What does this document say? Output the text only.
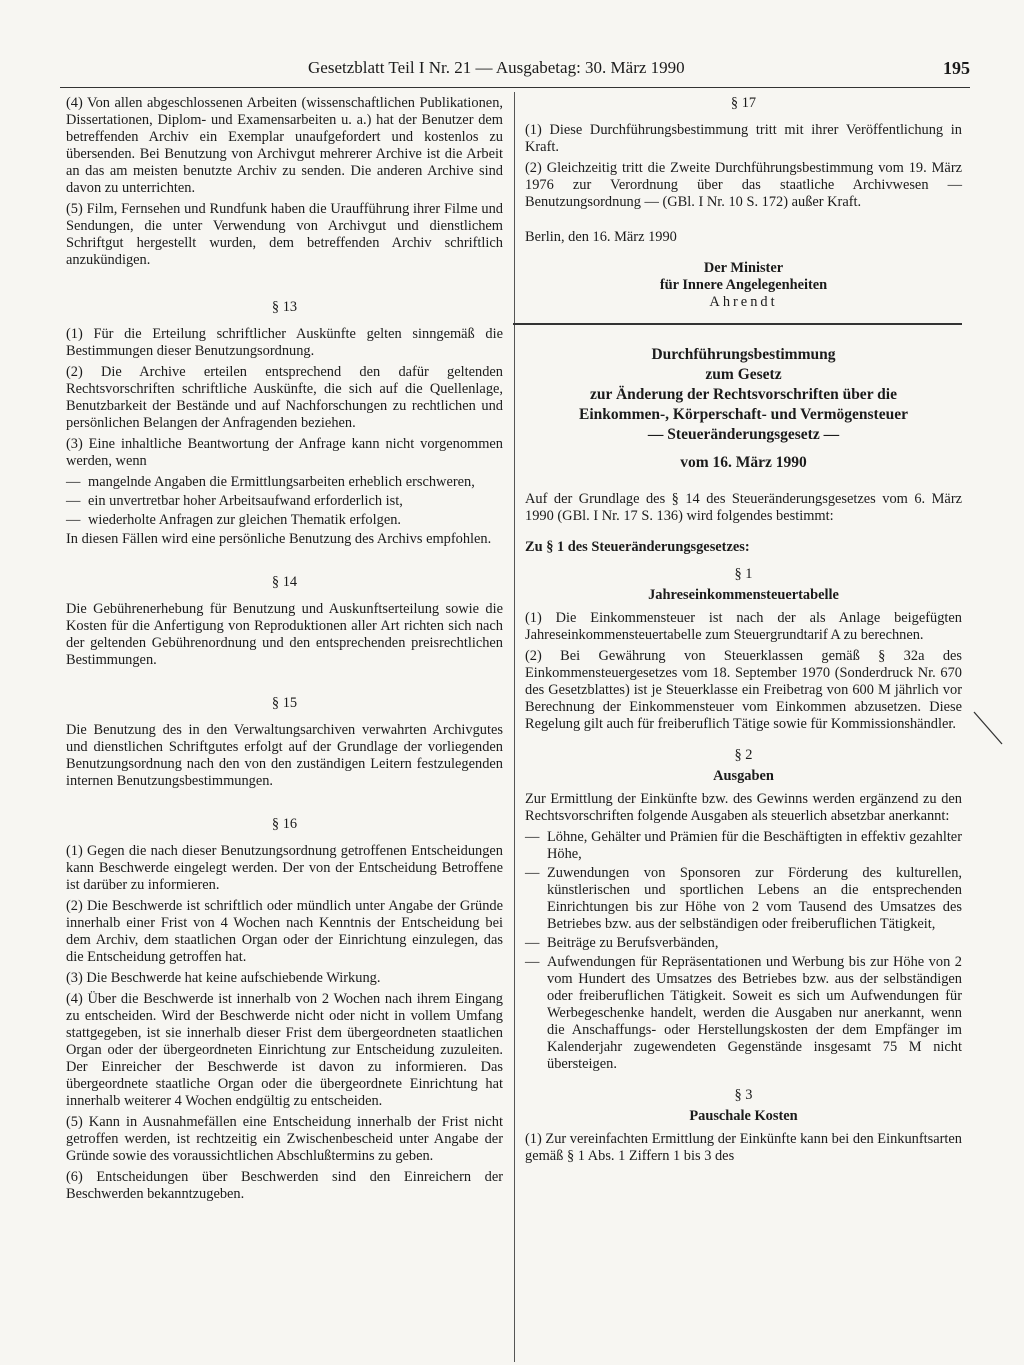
Gesetzblatt Teil I Nr. 21 — Ausgabetag: 30. März 1990	195

(4) Von allen abgeschlossenen Arbeiten (wissenschaftlichen Publikationen, Dissertationen, Diplom- und Examensarbeiten u. a.) hat der Benutzer dem betreffenden Archiv ein Exemplar unaufgefordert und kostenlos zu übersenden. Bei Benutzung von Archivgut mehrerer Archive ist die Arbeit an das am meisten benutzte Archiv zu senden. Die anderen Archive sind davon zu unterrichten.

(5) Film, Fernsehen und Rundfunk haben die Uraufführung ihrer Filme und Sendungen, die unter Verwendung von Archivgut und dienstlichem Schriftgut hergestellt wurden, dem betreffenden Archiv schriftlich anzukündigen.

§ 13

(1) Für die Erteilung schriftlicher Auskünfte gelten sinngemäß die Bestimmungen dieser Benutzungsordnung.

(2) Die Archive erteilen entsprechend den dafür geltenden Rechtsvorschriften schriftliche Auskünfte, die sich auf die Quellenlage, Benutzbarkeit der Bestände und auf Nachforschungen zu rechtlichen und persönlichen Belangen der Anfragenden beziehen.

(3) Eine inhaltliche Beantwortung der Anfrage kann nicht vorgenommen werden, wenn

— mangelnde Angaben die Ermittlungsarbeiten erheblich erschweren,
— ein unvertretbar hoher Arbeitsaufwand erforderlich ist,
— wiederholte Anfragen zur gleichen Thematik erfolgen.

In diesen Fällen wird eine persönliche Benutzung des Archivs empfohlen.

§ 14

Die Gebührenerhebung für Benutzung und Auskunftserteilung sowie die Kosten für die Anfertigung von Reproduktionen aller Art richten sich nach der geltenden Gebührenordnung und den entsprechenden preisrechtlichen Bestimmungen.

§ 15

Die Benutzung des in den Verwaltungsarchiven verwahrten Archivgutes und dienstlichen Schriftgutes erfolgt auf der Grundlage der vorliegenden Benutzungsordnung nach den von den zuständigen Leitern festzulegenden internen Benutzungsbestimmungen.

§ 16

(1) Gegen die nach dieser Benutzungsordnung getroffenen Entscheidungen kann Beschwerde eingelegt werden. Der von der Entscheidung Betroffene ist darüber zu informieren.

(2) Die Beschwerde ist schriftlich oder mündlich unter Angabe der Gründe innerhalb einer Frist von 4 Wochen nach Kenntnis der Entscheidung bei dem Archiv, dem staatlichen Organ oder der Einrichtung einzulegen, das die Entscheidung getroffen hat.

(3) Die Beschwerde hat keine aufschiebende Wirkung.

(4) Über die Beschwerde ist innerhalb von 2 Wochen nach ihrem Eingang zu entscheiden. Wird der Beschwerde nicht oder nicht in vollem Umfang stattgegeben, ist sie innerhalb dieser Frist dem übergeordneten staatlichen Organ oder der übergeordneten Einrichtung zur Entscheidung zuzuleiten. Der Einreicher der Beschwerde ist davon zu informieren. Das übergeordnete staatliche Organ oder die übergeordnete Einrichtung hat innerhalb weiterer 4 Wochen endgültig zu entscheiden.

(5) Kann in Ausnahmefällen eine Entscheidung innerhalb der Frist nicht getroffen werden, ist rechtzeitig ein Zwischenbescheid unter Angabe der Gründe sowie des voraussichtlichen Abschlußtermins zu geben.

(6) Entscheidungen über Beschwerden sind den Einreichern der Beschwerden bekanntzugeben.

§ 17

(1) Diese Durchführungsbestimmung tritt mit ihrer Veröffentlichung in Kraft.

(2) Gleichzeitig tritt die Zweite Durchführungsbestimmung vom 19. März 1976 zur Verordnung über das staatliche Archivwesen — Benutzungsordnung — (GBl. I Nr. 10 S. 172) außer Kraft.

Berlin, den 16. März 1990

Der Minister
für Innere Angelegenheiten
Ahrendt
Durchführungsbestimmung
zum Gesetz
zur Änderung der Rechtsvorschriften über die
Einkommen-, Körperschaft- und Vermögensteuer
— Steueränderungsgesetz —
vom 16. März 1990

Auf der Grundlage des § 14 des Steueränderungsgesetzes vom 6. März 1990 (GBl. I Nr. 17 S. 136) wird folgendes bestimmt:

Zu § 1 des Steueränderungsgesetzes:

§ 1
Jahreseinkommensteuertabelle

(1) Die Einkommensteuer ist nach der als Anlage beigefügten Jahreseinkommensteuertabelle zum Steuergrundtarif A zu berechnen.

(2) Bei Gewährung von Steuerklassen gemäß § 32a des Einkommensteuergesetzes vom 18. September 1970 (Sonderdruck Nr. 670 des Gesetzblattes) ist je Steuerklasse ein Freibetrag von 600 M jährlich vor Berechnung der Einkommensteuer vom Einkommen abzusetzen. Diese Regelung gilt auch für freiberuflich Tätige sowie für Kommissionshändler.

§ 2
Ausgaben

Zur Ermittlung der Einkünfte bzw. des Gewinns werden ergänzend zu den Rechtsvorschriften folgende Ausgaben als steuerlich absetzbar anerkannt:

— Löhne, Gehälter und Prämien für die Beschäftigten in effektiv gezahlter Höhe,
— Zuwendungen von Sponsoren zur Förderung des kulturellen, künstlerischen und sportlichen Lebens an die entsprechenden Einrichtungen bis zur Höhe von 2 vom Tausend des Umsatzes des Betriebes bzw. aus der selbständigen oder freiberuflichen Tätigkeit,
— Beiträge zu Berufsverbänden,
— Aufwendungen für Repräsentationen und Werbung bis zur Höhe von 2 vom Hundert des Umsatzes des Betriebes bzw. aus der selbständigen oder freiberuflichen Tätigkeit. Soweit es sich um Aufwendungen für Werbegeschenke handelt, werden die Ausgaben nur anerkannt, wenn die Anschaffungs- oder Herstellungskosten der dem Empfänger im Kalenderjahr zugewendeten Gegenstände insgesamt 75 M nicht übersteigen.
§ 3
Pauschale Kosten

(1) Zur vereinfachten Ermittlung der Einkünfte kann bei den Einkunftsarten gemäß § 1 Abs. 1 Ziffern 1 bis 3 des
